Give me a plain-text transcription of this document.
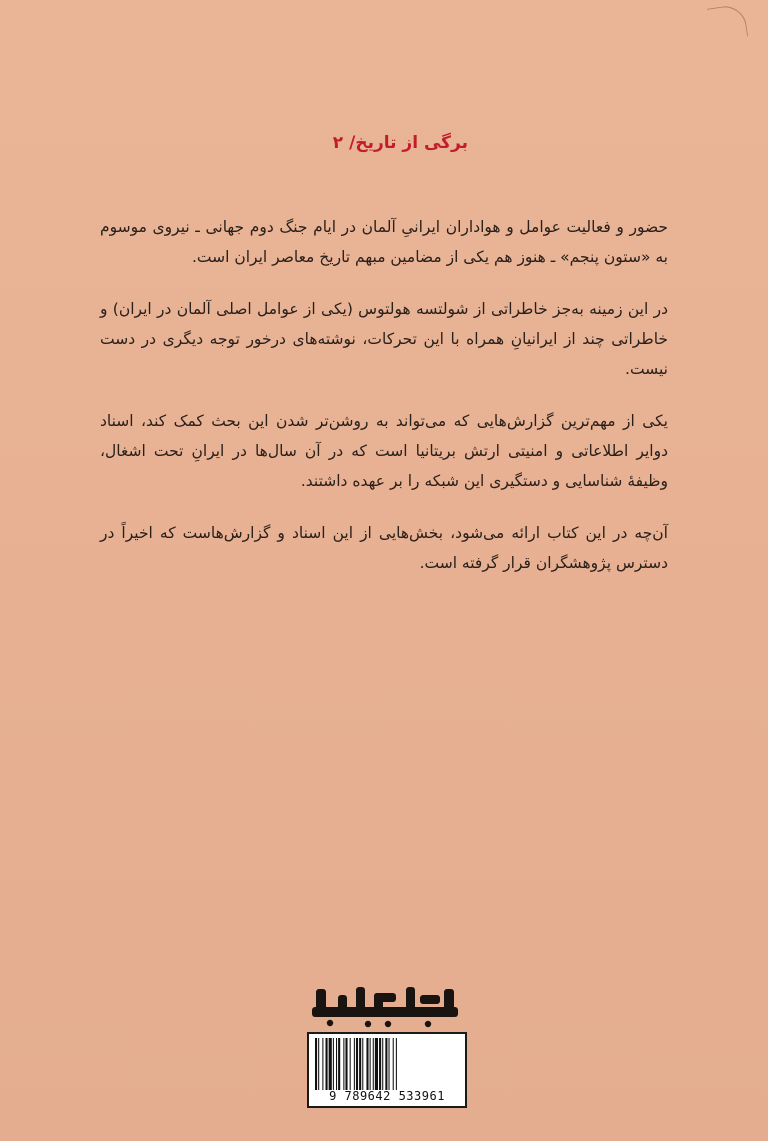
برگی از تاریخ/ ۲

حضور و فعالیت عوامل و هواداران ایرانیِ آلمان در ایام جنگ دوم جهانی ـ نیروی موسوم به «ستون پنجم» ـ هنوز هم یکی از مضامین مبهم تاریخ معاصر ایران است.

در این زمینه به‌جز خاطراتی از شولتسه هولتوس (یکی از عوامل اصلی آلمان در ایران) و خاطراتی چند از ایرانیانِ همراه با این تحرکات، نوشته‌های درخور توجه دیگری در دست نیست.

یکی از مهم‌ترین گزارش‌هایی که می‌تواند به روشن‌تر شدن این بحث کمک کند، اسناد دوایر اطلاعاتی و امنیتی ارتش بریتانیا است که در آن سال‌ها در ایرانِ تحت اشغال، وظیفهٔ شناسایی و دستگیری این شبکه را بر عهده داشتند.

آن‌چه در این کتاب ارائه می‌شود، بخش‌هایی از این اسناد و گزارش‌هاست که اخیراً در دسترس پژوهشگران قرار گرفته است.

9 789642 533961
